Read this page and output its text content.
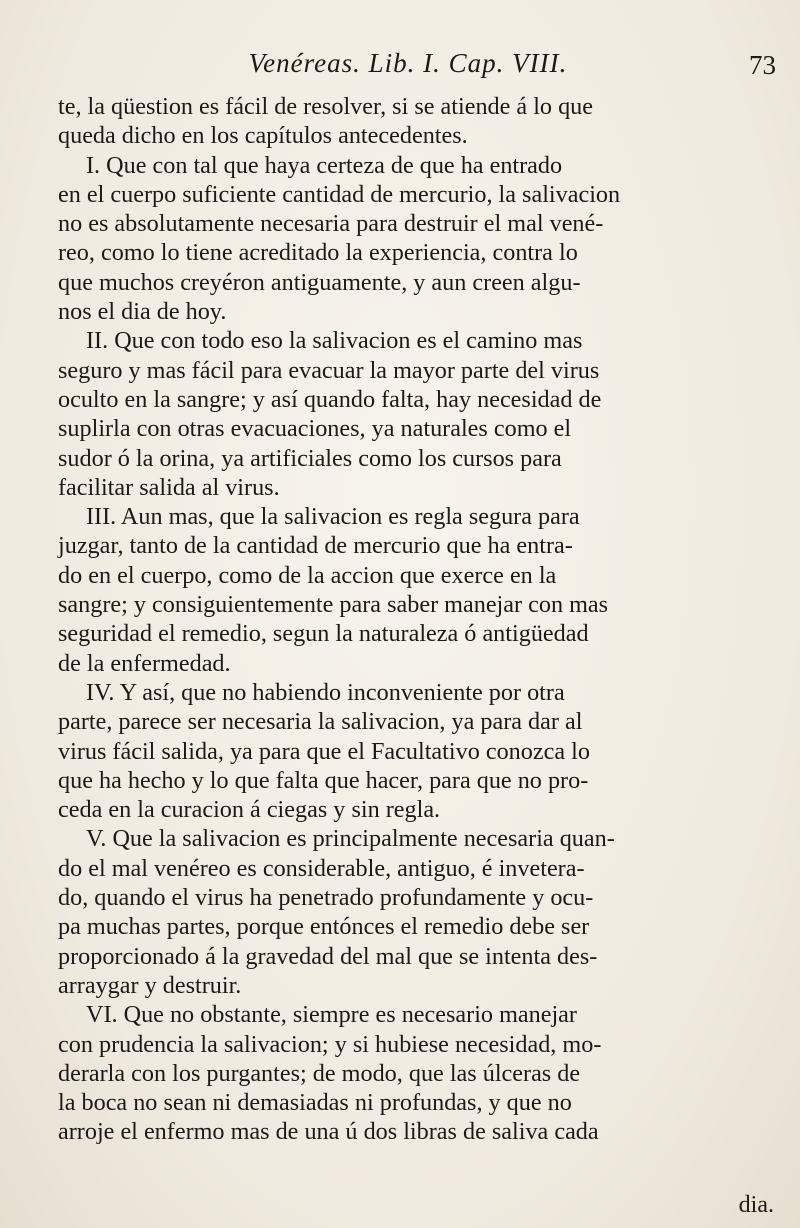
Venéreas. Lib. I. Cap. VIII.	73
te, la qüestion es fácil de resolver, si se atiende á lo que
queda dicho en los capítulos antecedentes.
I. Que con tal que haya certeza de que ha entrado
en el cuerpo suficiente cantidad de mercurio, la salivacion
no es absolutamente necesaria para destruir el mal vené-
reo, como lo tiene acreditado la experiencia, contra lo
que muchos creyéron antiguamente, y aun creen algu-
nos el dia de hoy.
II. Que con todo eso la salivacion es el camino mas
seguro y mas fácil para evacuar la mayor parte del virus
oculto en la sangre; y así quando falta, hay necesidad de
suplirla con otras evacuaciones, ya naturales como el
sudor ó la orina, ya artificiales como los cursos para
facilitar salida al virus.
III. Aun mas, que la salivacion es regla segura para
juzgar, tanto de la cantidad de mercurio que ha entra-
do en el cuerpo, como de la accion que exerce en la
sangre; y consiguientemente para saber manejar con mas
seguridad el remedio, segun la naturaleza ó antigüedad
de la enfermedad.
IV. Y así, que no habiendo inconveniente por otra
parte, parece ser necesaria la salivacion, ya para dar al
virus fácil salida, ya para que el Facultativo conozca lo
que ha hecho y lo que falta que hacer, para que no pro-
ceda en la curacion á ciegas y sin regla.
V. Que la salivacion es principalmente necesaria quan-
do el mal venéreo es considerable, antiguo, é invetera-
do, quando el virus ha penetrado profundamente y ocu-
pa muchas partes, porque entónces el remedio debe ser
proporcionado á la gravedad del mal que se intenta des-
arraygar y destruir.
VI. Que no obstante, siempre es necesario manejar
con prudencia la salivacion; y si hubiese necesidad, mo-
derarla con los purgantes; de modo, que las úlceras de
la boca no sean ni demasiadas ni profundas, y que no
arroje el enfermo mas de una ú dos libras de saliva cada
dia.
